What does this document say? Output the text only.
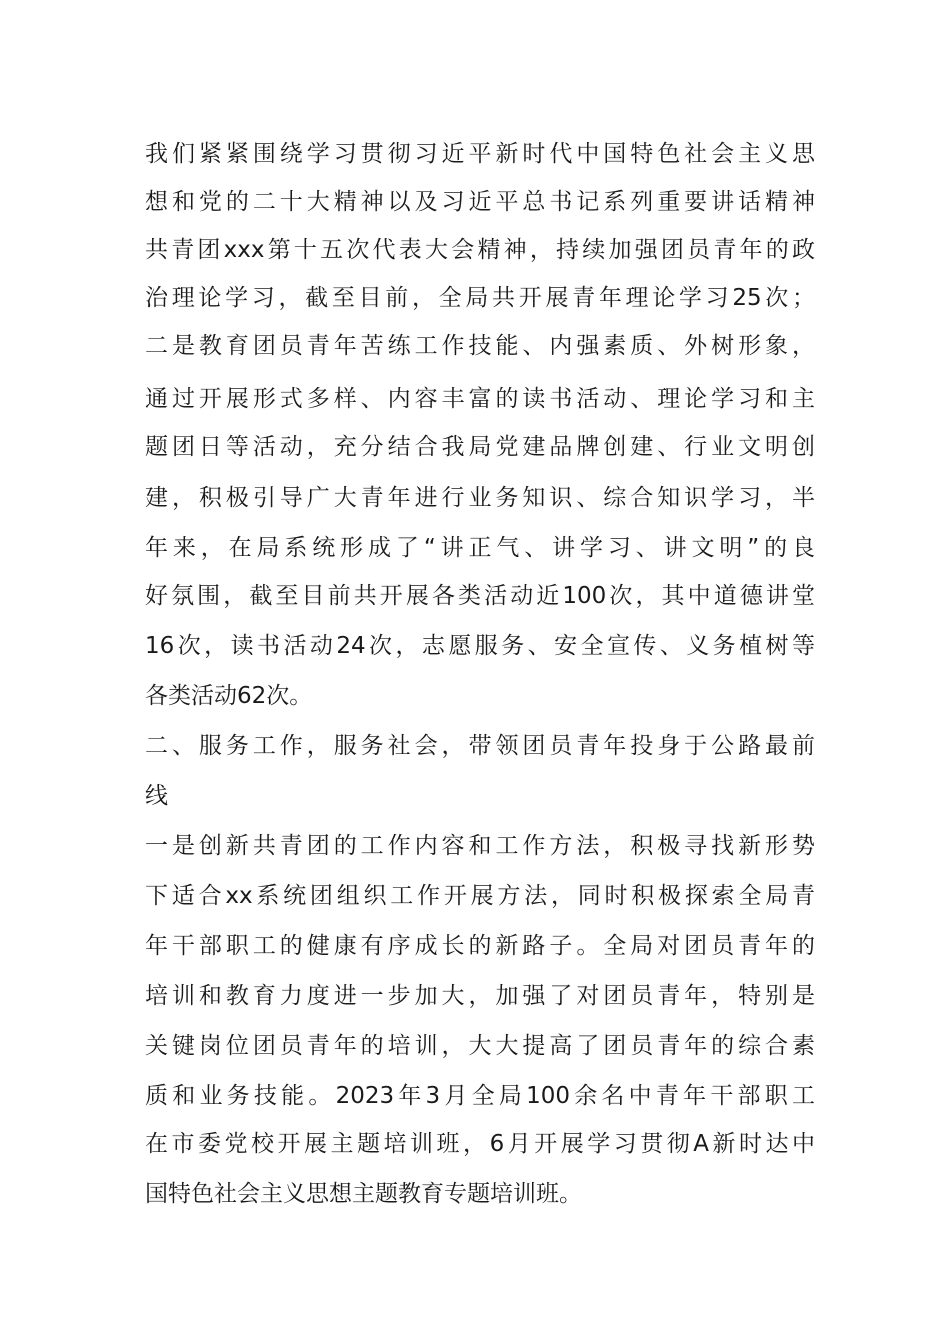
我们紧紧围绕学习贯彻习近平新时代中国特色社会主义思
想和党的二十大精神以及习近平总书记系列重要讲话精神
共青团xxx第十五次代表大会精神，持续加强团员青年的政
治理论学习，截至目前，全局共开展青年理论学习25次；
二是教育团员青年苦练工作技能、内强素质、外树形象，
通过开展形式多样、内容丰富的读书活动、理论学习和主
题团日等活动，充分结合我局党建品牌创建、行业文明创
建，积极引导广大青年进行业务知识、综合知识学习，半
年来，在局系统形成了“讲正气、讲学习、讲文明”的良
好氛围，截至目前共开展各类活动近100次，其中道德讲堂
16次，读书活动24次，志愿服务、安全宣传、义务植树等
各类活动62次。
二、服务工作，服务社会，带领团员青年投身于公路最前
线
一是创新共青团的工作内容和工作方法，积极寻找新形势
下适合xx系统团组织工作开展方法，同时积极探索全局青
年干部职工的健康有序成长的新路子。全局对团员青年的
培训和教育力度进一步加大，加强了对团员青年，特别是
关键岗位团员青年的培训，大大提高了团员青年的综合素
质和业务技能。2023年3月全局100余名中青年干部职工
在市委党校开展主题培训班，6月开展学习贯彻A新时达中
国特色社会主义思想主题教育专题培训班。
